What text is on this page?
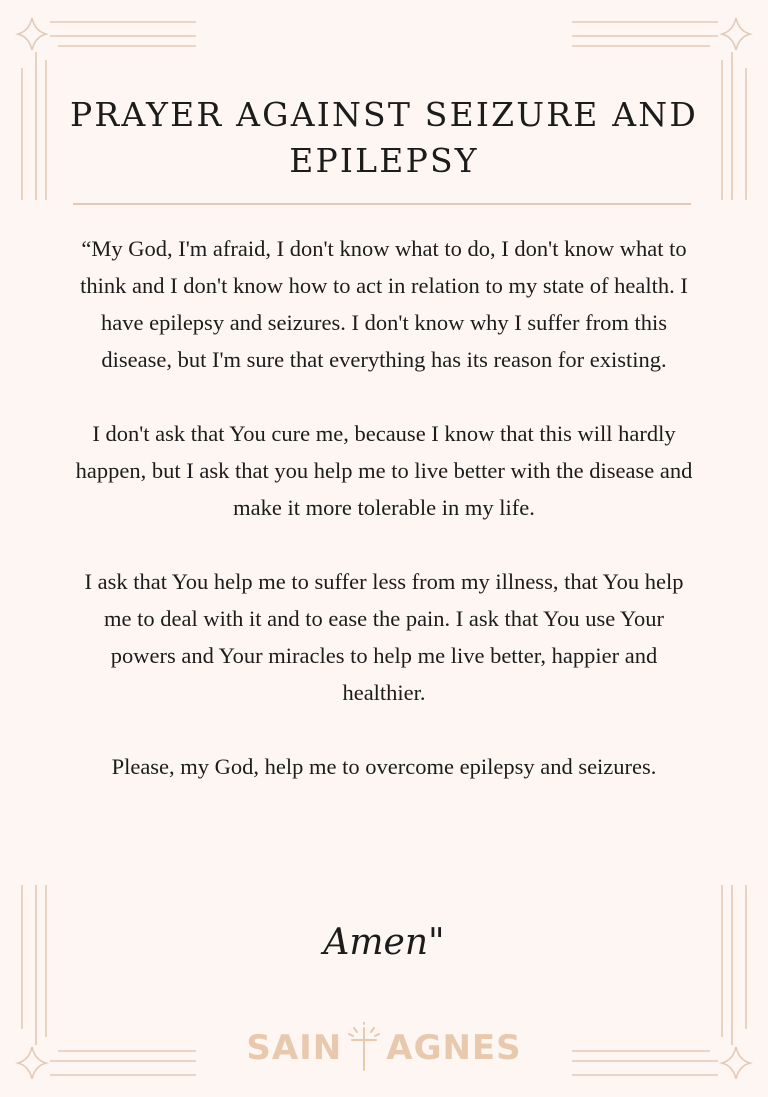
PRAYER AGAINST SEIZURE AND EPILEPSY

“My God, I'm afraid, I don't know what to do, I don't know what to think and I don't know how to act in relation to my state of health. I have epilepsy and seizures. I don't know why I suffer from this disease, but I'm sure that everything has its reason for existing.

I don't ask that You cure me, because I know that this will hardly happen, but I ask that you help me to live better with the disease and make it more tolerable in my life.

I ask that You help me to suffer less from my illness, that You help me to deal with it and to ease the pain. I ask that You use Your powers and Your miracles to help me live better, happier and healthier.

Please, my God, help me to overcome epilepsy and seizures.

Amen"
SAIN AGNES
